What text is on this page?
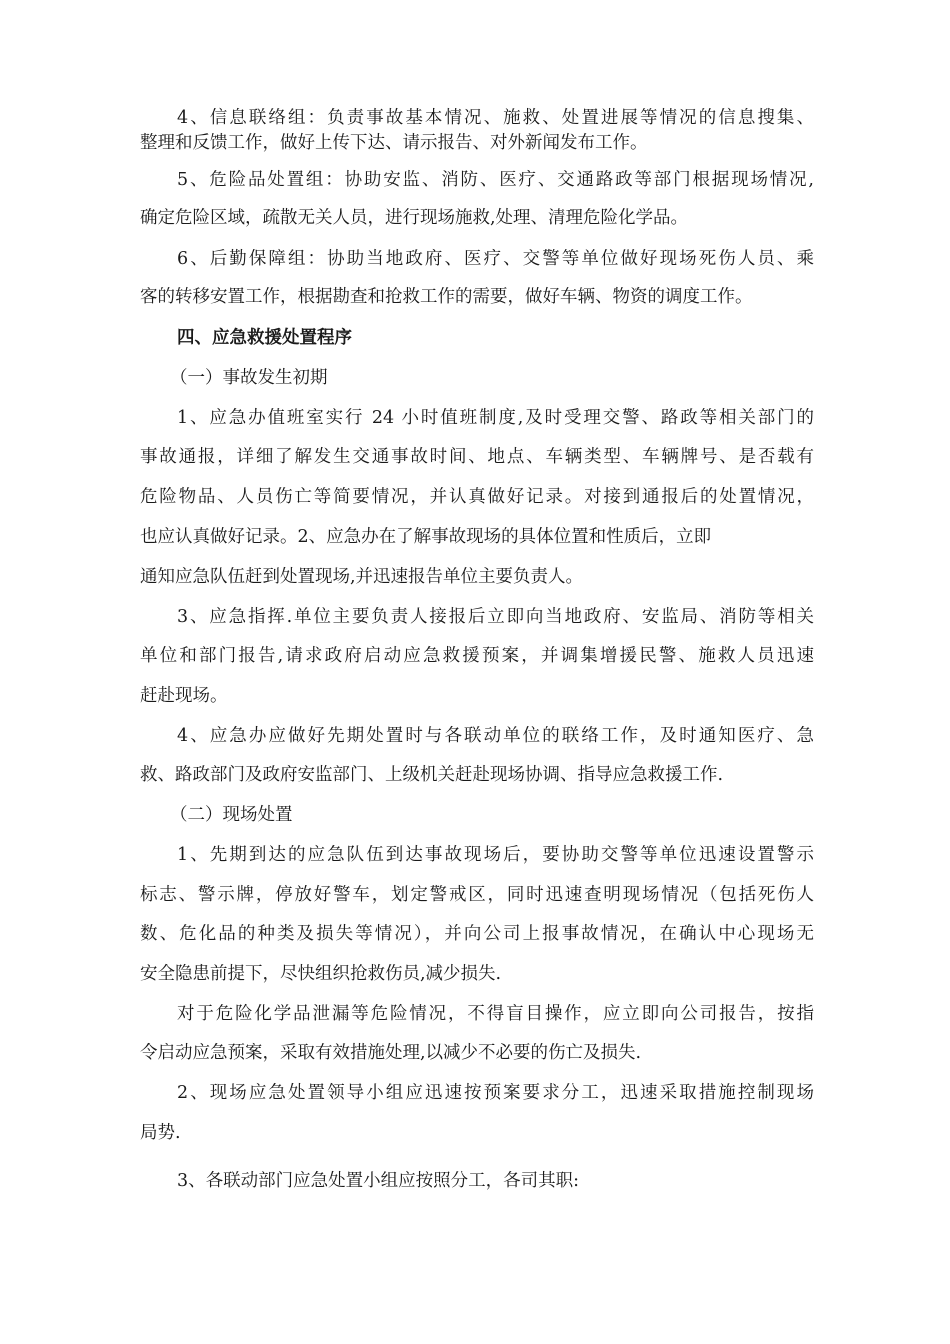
4、信息联络组：负责事故基本情况、施救、处置进展等情况的信息搜集、
整理和反馈工作，做好上传下达、请示报告、对外新闻发布工作。
5、危险品处置组：协助安监、消防、医疗、交通路政等部门根据现场情况,
确定危险区域，疏散无关人员，进行现场施救,处理、清理危险化学品。
6、后勤保障组：协助当地政府、医疗、交警等单位做好现场死伤人员、乘
客的转移安置工作，根据勘查和抢救工作的需要，做好车辆、物资的调度工作。
四、应急救援处置程序
（一）事故发生初期
1、应急办值班室实行 24 小时值班制度,及时受理交警、路政等相关部门的
事故通报，详细了解发生交通事故时间、地点、车辆类型、车辆牌号、是否载有
危险物品、人员伤亡等简要情况，并认真做好记录。对接到通报后的处置情况，
也应认真做好记录。2、应急办在了解事故现场的具体位置和性质后，立即
通知应急队伍赶到处置现场,并迅速报告单位主要负责人。
3、应急指挥.单位主要负责人接报后立即向当地政府、安监局、消防等相关
单位和部门报告,请求政府启动应急救援预案，并调集增援民警、施救人员迅速
赶赴现场。
4、应急办应做好先期处置时与各联动单位的联络工作，及时通知医疗、急
救、路政部门及政府安监部门、上级机关赶赴现场协调、指导应急救援工作.
（二）现场处置
1、先期到达的应急队伍到达事故现场后，要协助交警等单位迅速设置警示
标志、警示牌，停放好警车，划定警戒区，同时迅速查明现场情况（包括死伤人
数、危化品的种类及损失等情况），并向公司上报事故情况，在确认中心现场无
安全隐患前提下，尽快组织抢救伤员,减少损失.
对于危险化学品泄漏等危险情况，不得盲目操作，应立即向公司报告，按指
令启动应急预案，采取有效措施处理,以减少不必要的伤亡及损失.
2、现场应急处置领导小组应迅速按预案要求分工，迅速采取措施控制现场
局势.
3、各联动部门应急处置小组应按照分工，各司其职:
